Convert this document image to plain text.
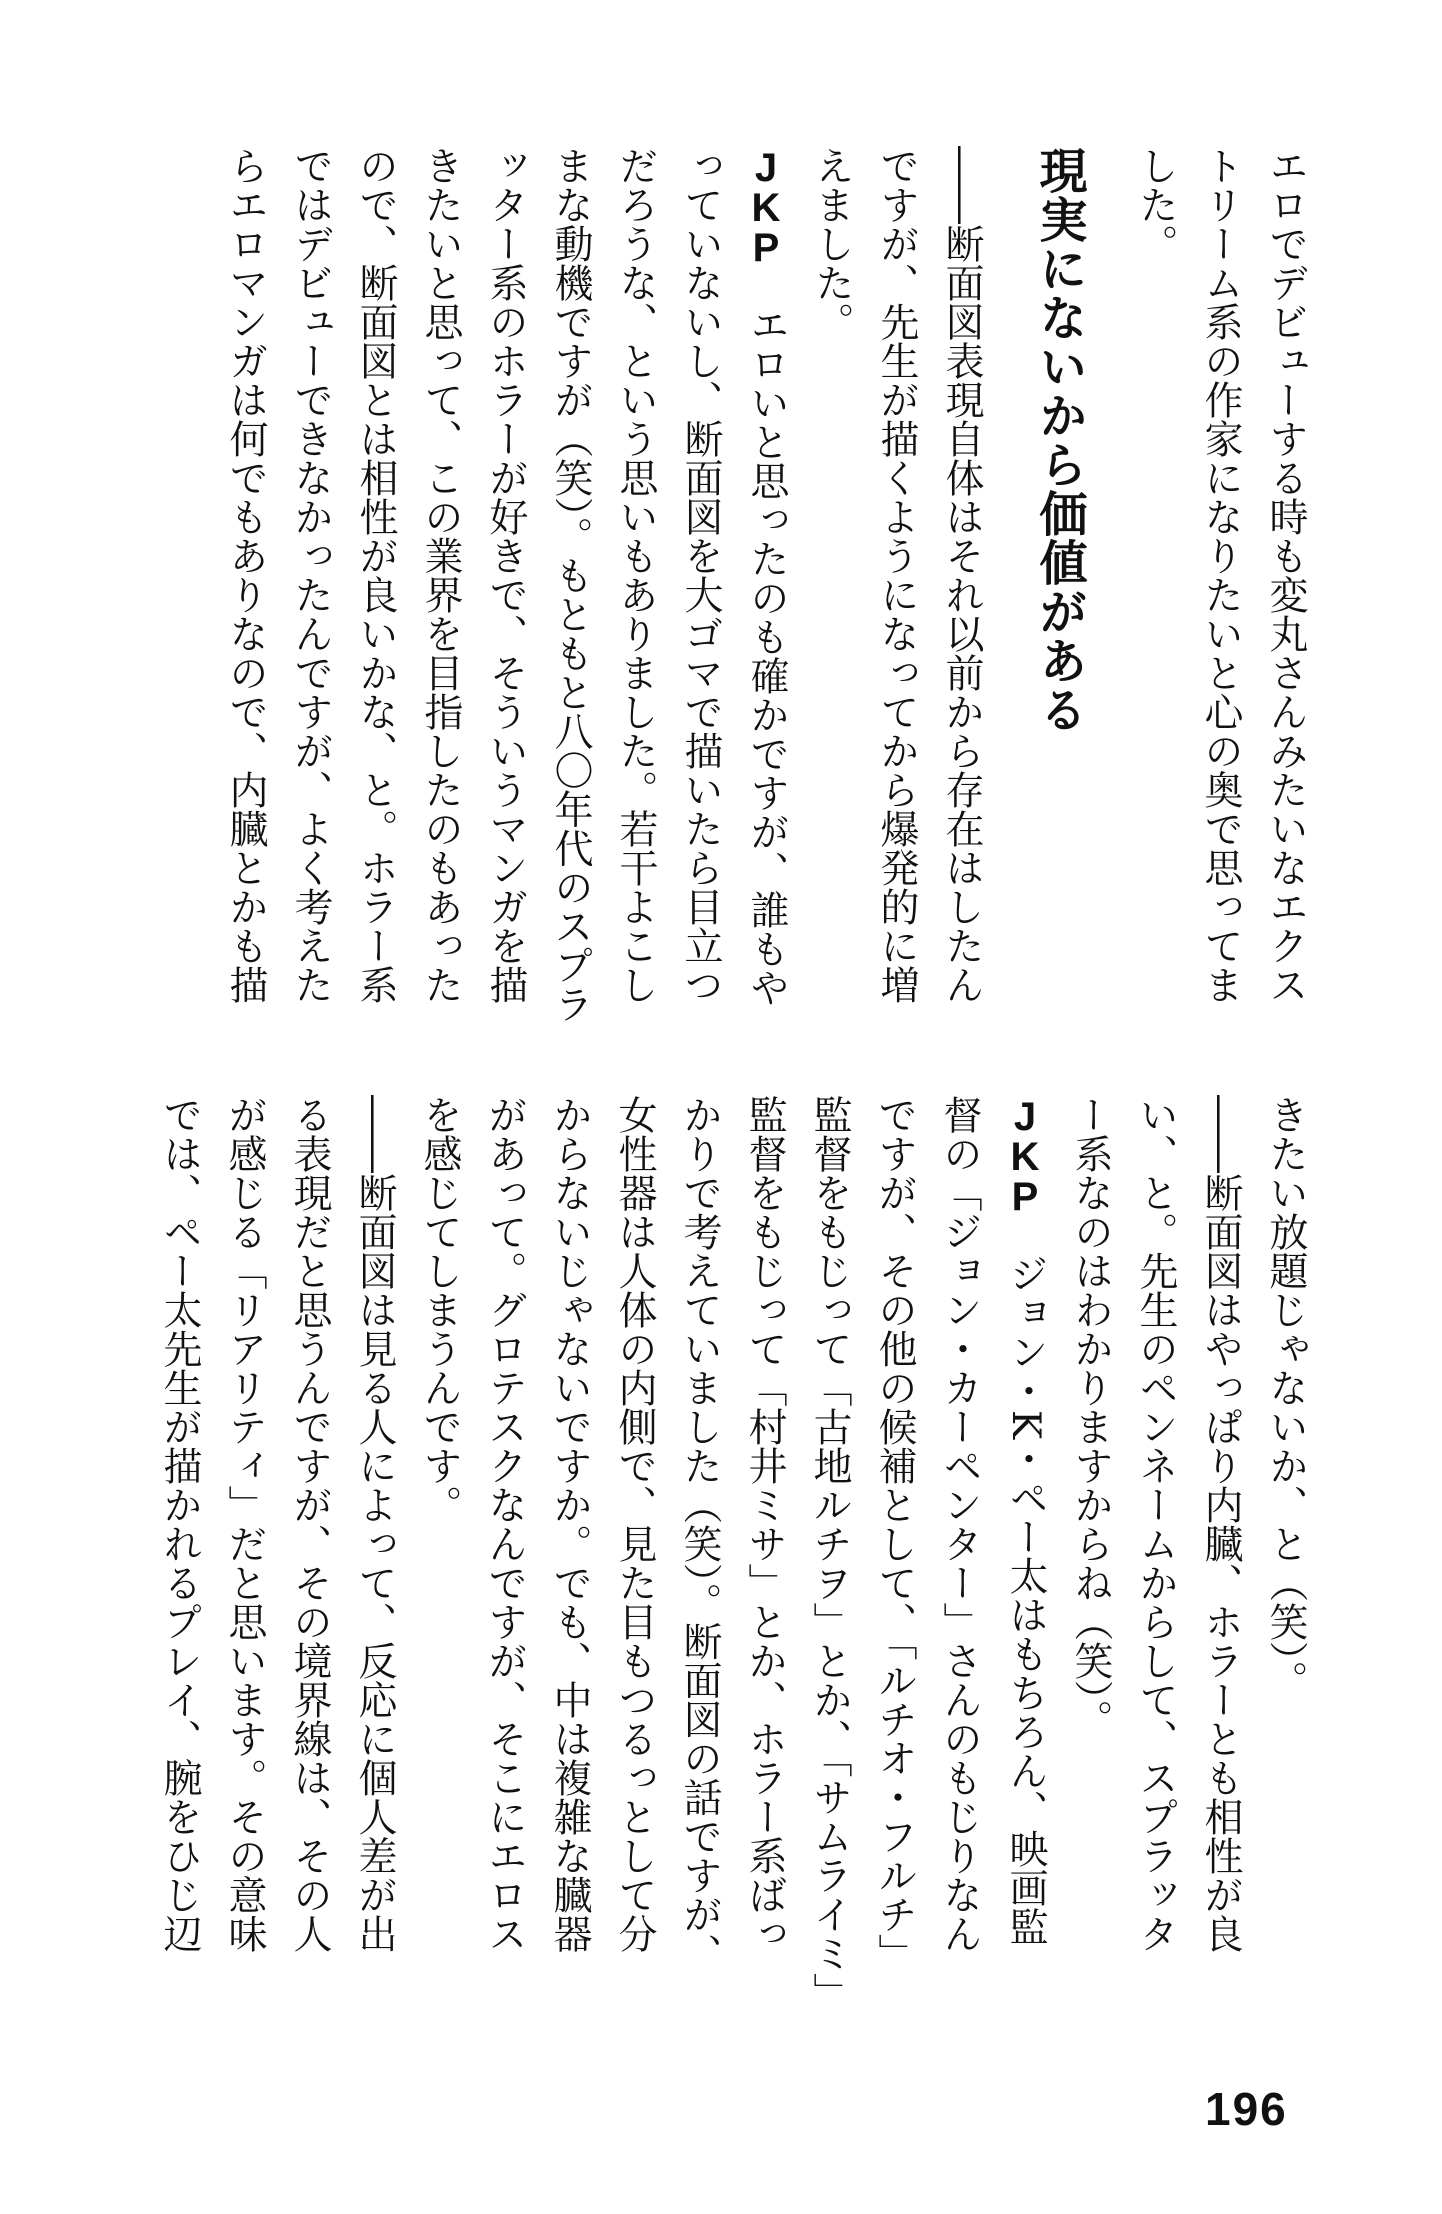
エロでデビューする時も変丸さんみたいなエクス
トリーム系の作家になりたいと心の奥で思ってま
した。
現実にないから価値がある
――断面図表現自体はそれ以前から存在はしたん
ですが、先生が描くようになってから爆発的に増
えました。
JKP　エロいと思ったのも確かですが、誰もや
っていないし、断面図を大ゴマで描いたら目立つ
だろうな、という思いもありました。若干よこし
まな動機ですが（笑）。もともと八〇年代のスプラ
ッター系のホラーが好きで、そういうマンガを描
きたいと思って、この業界を目指したのもあった
ので、断面図とは相性が良いかな、と。ホラー系
ではデビューできなかったんですが、よく考えた
らエロマンガは何でもありなので、内臓とかも描
きたい放題じゃないか、と（笑）。
――断面図はやっぱり内臓、ホラーとも相性が良
い、と。先生のペンネームからして、スプラッタ
ー系なのはわかりますからね（笑）。
JKP　ジョン・K・ペー太はもちろん、映画監
督の「ジョン・カーペンター」さんのもじりなん
ですが、その他の候補として、「ルチオ・フルチ」
監督をもじって「古地ルチヲ」とか、「サムライミ」
監督をもじって「村井ミサ」とか、ホラー系ばっ
かりで考えていました（笑）。断面図の話ですが、
女性器は人体の内側で、見た目もつるっとして分
からないじゃないですか。でも、中は複雑な臓器
があって。グロテスクなんですが、そこにエロス
を感じてしまうんです。
――断面図は見る人によって、反応に個人差が出
る表現だと思うんですが、その境界線は、その人
が感じる「リアリティ」だと思います。その意味
では、ペー太先生が描かれるプレイ、腕をひじ辺
196
